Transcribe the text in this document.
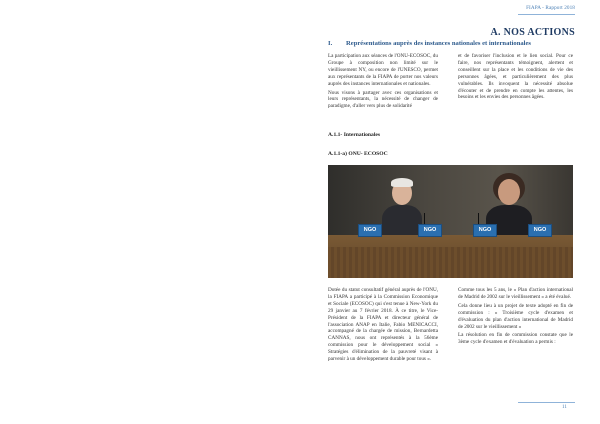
FIAPA - Rapport 2018
A. NOS ACTIONS
I. Représentations auprès des instances nationales et internationales

La participation aux séances de l'ONU-ECOSOC, du Groupe à composition non limité sur le vieillissement NY, ou encore de l'UNESCO, permet aux représentants de la FIAPA de porter nos valeurs auprès des instances internationales et nationales.

Nous visons à partager avec ces organisations et leurs représentants, la nécessité de changer de paradigme, d'aller vers plus de solidarité

et de favoriser l'inclusion et le lien social. Pour ce faire, nos représentants témoignent, alertent et conseillent sur la place et les conditions de vie des personnes âgées, et particulièrement des plus vulnérables. Ils invoquent la nécessité absolue d'écouter et de prendre en compte les attentes, les besoins et les envies des personnes âgées.

A.1.1- Internationales
A.1.1-a) ONU- ECOSOC
NGO	NGO	NGO	NGO

Dotée du statut consultatif général auprès de l'ONU, la FIAPA a participé à la Commission Economique et Sociale (ECOSOC) qui s'est tenue à New-York du 29 janvier au 7 février 2018. À ce titre, le Vice-Président de la FIAPA et directeur général de l'association ANAP en Italie, Fabio MENICACCI, accompagné de la chargée de mission, Bernardetta CANNAS, nous ont représentés à la 56ème commission pour le développement social « Stratégies d'élimination de la pauvreté visant à parvenir à un développement durable pour tous ».

Comme tous les 5 ans, le « Plan d'action international de Madrid de 2002 sur le vieillissement » a été évalué.

Cela donne lieu à un projet de texte adopté en fin de commission : « Troisième cycle d'examen et d'évaluation du plan d'action international de Madrid de 2002 sur le vieillissement »

La résolution en fin de commission constate que le 3ème cycle d'examen et d'évaluation a permis :

11
